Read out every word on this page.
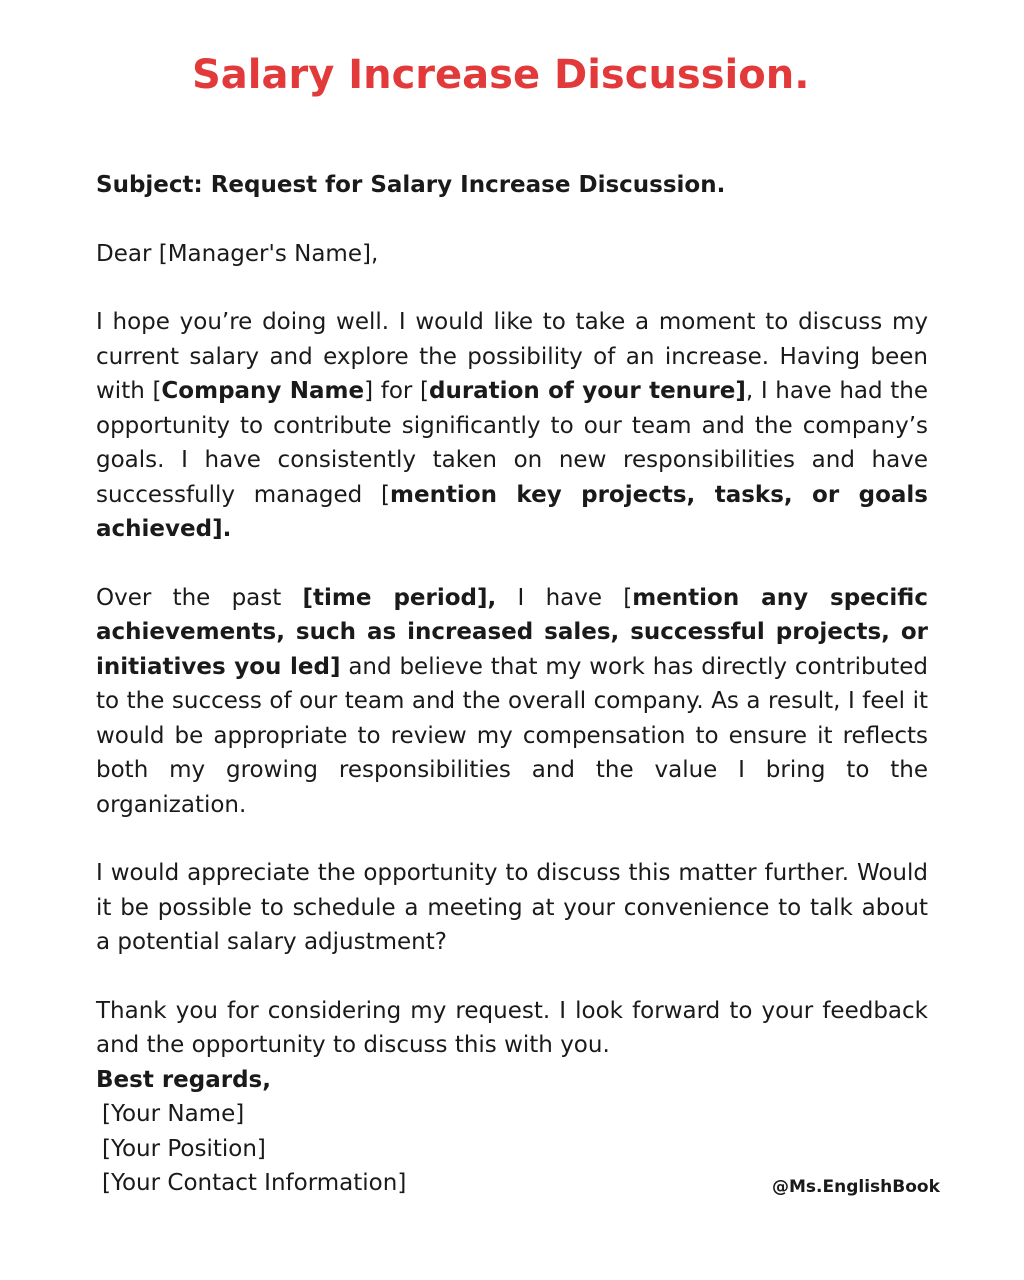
Salary Increase Discussion.

Subject: Request for Salary Increase Discussion.

Dear [Manager's Name],

I hope you’re doing well. I would like to take a moment to discuss my current salary and explore the possibility of an increase. Having been with [Company Name] for [duration of your tenure], I have had the opportunity to contribute significantly to our team and the company’s goals. I have consistently taken on new responsibilities and have successfully managed [mention key projects, tasks, or goals achieved].

Over the past [time period], I have [mention any specific achievements, such as increased sales, successful projects, or initiatives you led] and believe that my work has directly contributed to the success of our team and the overall company. As a result, I feel it would be appropriate to review my compensation to ensure it reflects both my growing responsibilities and the value I bring to the organization.

I would appreciate the opportunity to discuss this matter further. Would it be possible to schedule a meeting at your convenience to talk about a potential salary adjustment?

Thank you for considering my request. I look forward to your feedback and the opportunity to discuss this with you.

Best regards,

[Your Name]

[Your Position]

[Your Contact Information]	@Ms.EnglishBook
